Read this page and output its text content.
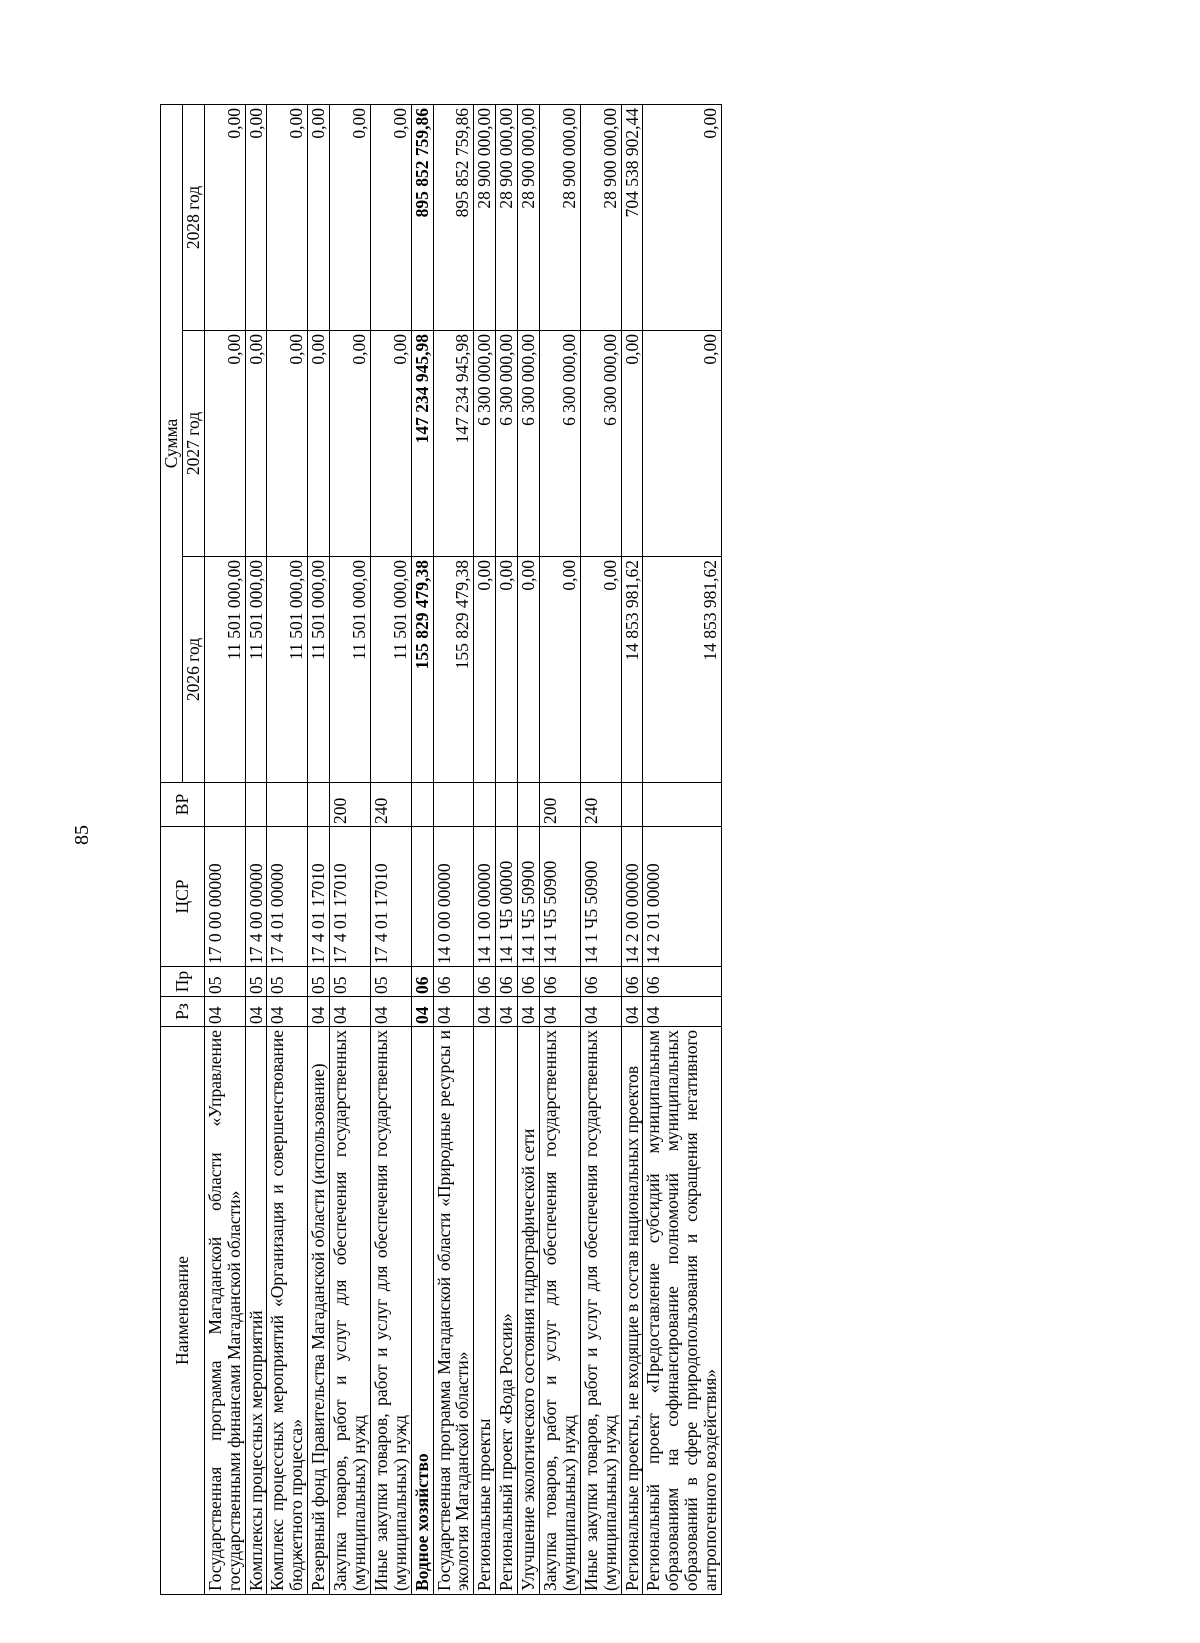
85
Наименование	Рз	Пр	ЦСР	ВР	Сумма		
					2026 год	2027 год	2028 год
Государственная программа Магаданской области «Управление государственными финансами Магаданской области»	04	05	17 0 00 00000		11 501 000,00	0,00	0,00
Комплексы процессных мероприятий	04	05	17 4 00 00000		11 501 000,00	0,00	0,00
Комплекс процессных мероприятий «Организация и совершенствование бюджетного процесса»	04	05	17 4 01 00000		11 501 000,00	0,00	0,00
Резервный фонд Правительства Магаданской области (использование)	04	05	17 4 01 17010		11 501 000,00	0,00	0,00
Закупка товаров, работ и услуг для обеспечения государственных (муниципальных) нужд	04	05	17 4 01 17010	200	11 501 000,00	0,00	0,00
Иные закупки товаров, работ и услуг для обеспечения государственных (муниципальных) нужд	04	05	17 4 01 17010	240	11 501 000,00	0,00	0,00
Водное хозяйство	04	06			155 829 479,38	147 234 945,98	895 852 759,86
Государственная программа Магаданской области «Природные ресурсы и экология Магаданской области»	04	06	14 0 00 00000		155 829 479,38	147 234 945,98	895 852 759,86
Региональные проекты	04	06	14 1 00 00000		0,00	6 300 000,00	28 900 000,00
Региональный проект «Вода России»	04	06	14 1 Ч5 00000		0,00	6 300 000,00	28 900 000,00
Улучшение экологического состояния гидрографической сети	04	06	14 1 Ч5 50900		0,00	6 300 000,00	28 900 000,00
Закупка товаров, работ и услуг для обеспечения государственных (муниципальных) нужд	04	06	14 1 Ч5 50900	200	0,00	6 300 000,00	28 900 000,00
Иные закупки товаров, работ и услуг для обеспечения государственных (муниципальных) нужд	04	06	14 1 Ч5 50900	240	0,00	6 300 000,00	28 900 000,00
Региональные проекты, не входящие в состав национальных проектов	04	06	14 2 00 00000		14 853 981,62	0,00	704 538 902,44
Региональный проект «Предоставление субсидий муниципальным образованиям на софинансирование полномочий муниципальных образований в сфере природопользования и сокращения негативного антропогенного воздействия»	04	06	14 2 01 00000		14 853 981,62	0,00	0,00
